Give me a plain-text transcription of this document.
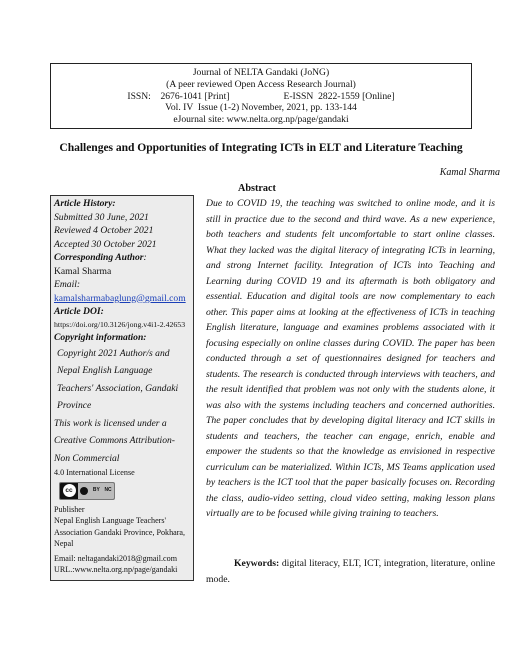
Journal of NELTA Gandaki (JoNG)
(A peer reviewed Open Access Research Journal)
ISSN:    2676-1041 [Print]	E-ISSN  2822-1559 [Online]
Vol. IV  Issue (1-2) November, 2021, pp. 133-144
eJournal site: www.nelta.org.np/page/gandaki
Challenges and Opportunities of Integrating ICTs in ELT and Literature Teaching
Kamal Sharma
Abstract
Article History:
Submitted 30 June, 2021
Reviewed 4 October 2021
Accepted 30 October 2021
Corresponding Author:
Kamal Sharma
Email:
kamalsharmabaglung@gmail.com
Article DOI:
https://doi.org/10.3126/jong.v4i1-2.42653
Copyright information:
Copyright 2021 Author/s and Nepal English Language Teachers' Association, Gandaki Province
This work is licensed under a Creative Commons Attribution- Non Commercial
4.0 International License
cc	BY NC
Publisher
Nepal English Language Teachers' Association Gandaki Province, Pokhara, Nepal
Email: neltagandaki2018@gmail.com
URL.:www.nelta.org.np/page/gandaki
Due to COVID 19, the teaching was switched to online mode, and it is still in practice due to the second and third wave. As a new experience, both teachers and students felt uncomfortable to start online classes. What they lacked was the digital literacy of integrating ICTs in learning, and strong Internet facility. Integration of ICTs into Teaching and Learning during COVID 19 and its aftermath is both obligatory and essential. Education and digital tools are now complementary to each other. This paper aims at looking at the effectiveness of ICTs in teaching English literature, language and examines problems associated with it focusing especially on online classes during COVID. The paper has been conducted through a set of questionnaires designed for teachers and students. The research is conducted through interviews with teachers, and the result identified that problem was not only with the students alone, it was also with the systems including teachers and concerned authorities. The paper concludes that by developing digital literacy and ICT skills in students and teachers, the teacher can engage, enrich, enable and empower the students so that the knowledge as envisioned in respective curriculum can be materialized. Within ICTs, MS Teams application used by teachers is the ICT tool that the paper basically focuses on. Recording the class, audio-video setting, cloud video setting, making lesson plans virtually are to be focused while giving training to teachers.
Keywords: digital literacy, ELT, ICT, integration, literature, online mode.
